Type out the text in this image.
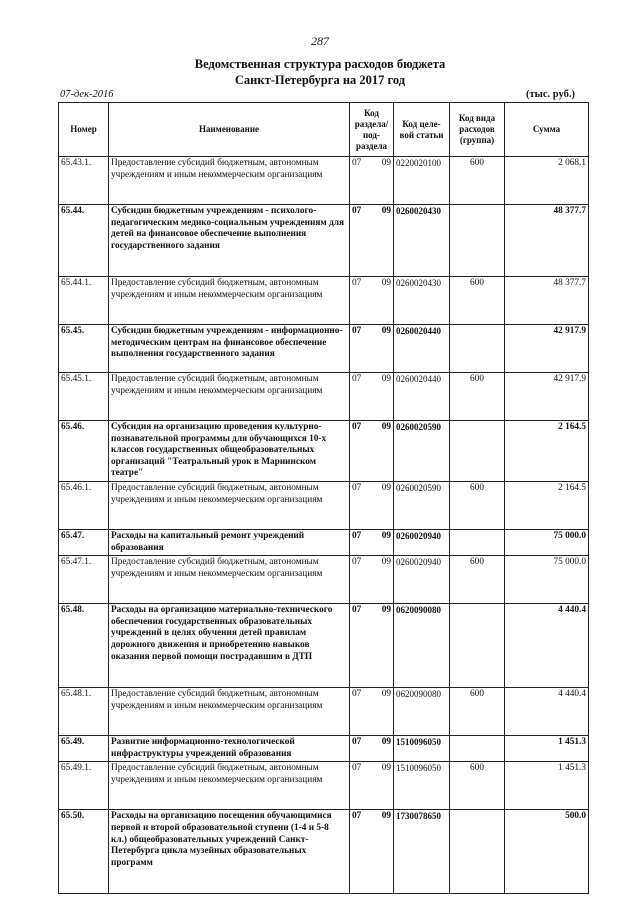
287
Ведомственная структура расходов бюджета
Санкт-Петербурга на 2017 год
07-дек-2016	(тыс. руб.)
Номер	Наименование	Код раздела/ под-раздела	Код целе-вой статьи	Код вида расходов (группа)	Сумма
65.43.1.	Предоставление субсидий бюджетным, автономным учреждениям и иным некоммерческим организациям	07 09	0220020100	600	2 068.1
65.44.	Субсидии бюджетным учреждениям - психолого-педагогическим медико-социальным учреждениям для детей на финансовое обеспечение выполнения государственного задания	07 09	0260020430		48 377.7
65.44.1.	Предоставление субсидий бюджетным, автономным учреждениям и иным некоммерческим организациям	07 09	0260020430	600	48 377.7
65.45.	Субсидии бюджетным учреждениям - информационно-методическим центрам на финансовое обеспечение выполнения государственного задания	07 09	0260020440		42 917.9
65.45.1.	Предоставление субсидий бюджетным, автономным учреждениям и иным некоммерческим организациям	07 09	0260020440	600	42 917.9
65.46.	Субсидия на организацию проведения культурно-познавательной программы для обучающихся 10-х классов государственных общеобразовательных организаций "Театральный урок в Мариинском театре"	07 09	0260020590		2 164.5
65.46.1.	Предоставление субсидий бюджетным, автономным учреждениям и иным некоммерческим организациям	07 09	0260020590	600	2 164.5
65.47.	Расходы на капитальный ремонт учреждений образования	07 09	0260020940		75 000.0
65.47.1.	Предоставление субсидий бюджетным, автономным учреждениям и иным некоммерческим организациям	07 09	0260020940	600	75 000.0
65.48.	Расходы на организацию материально-технического обеспечения государственных образовательных учреждений в целях обучения детей правилам дорожного движения и приобретению навыков оказания первой помощи пострадавшим в ДТП	07 09	0620090080		4 440.4
65.48.1.	Предоставление субсидий бюджетным, автономным учреждениям и иным некоммерческим организациям	07 09	0620090080	600	4 440.4
65.49.	Развитие информационно-технологической инфраструктуры учреждений образования	07 09	1510096050		1 451.3
65.49.1.	Предоставление субсидий бюджетным, автономным учреждениям и иным некоммерческим организациям	07 09	1510096050	600	1 451.3
65.50.	Расходы на организацию посещения обучающимися первой и второй образовательной ступени (1-4 и 5-8 кл.) общеобразовательных учреждений Санкт-Петербурга цикла музейных образовательных программ	07 09	1730078650		500.0
